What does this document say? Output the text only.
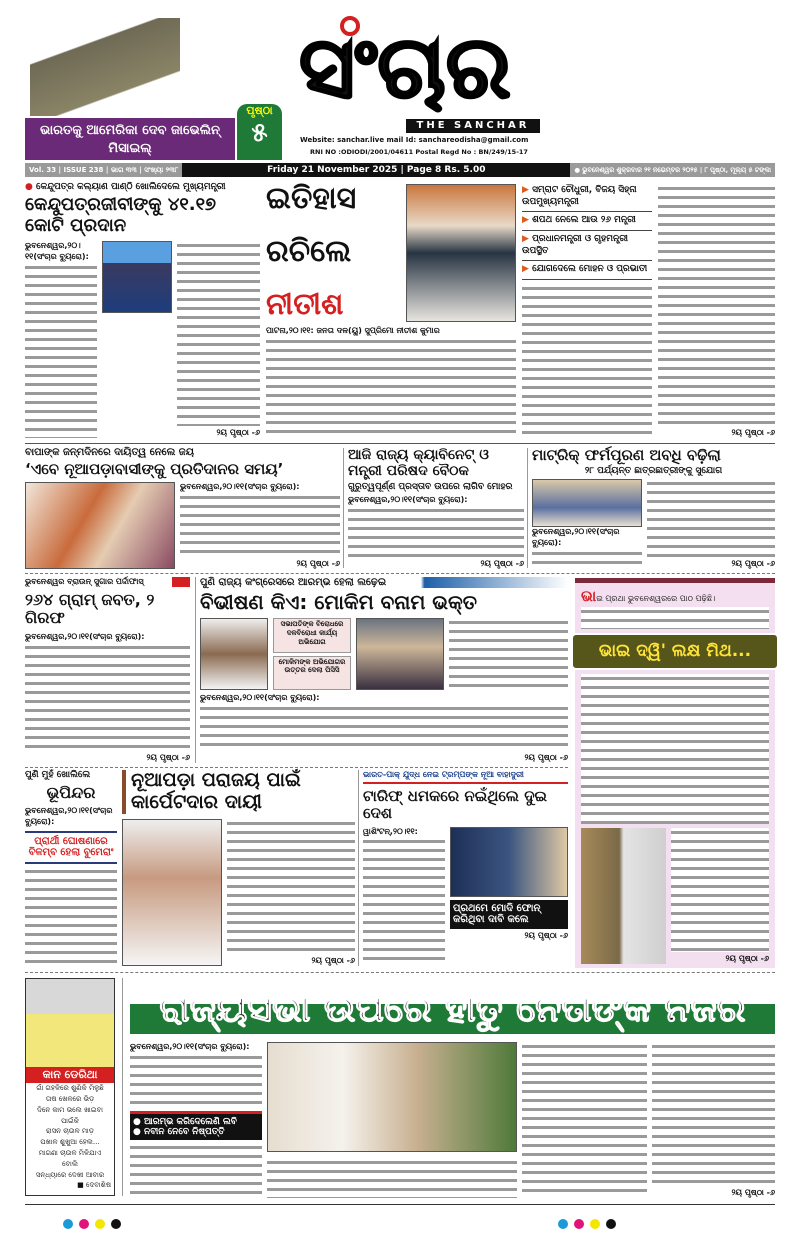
ଭାରତକୁ ଆମେରିକା ଦେବ ଜାଭେଲିନ୍ ମିସାଇଲ୍
ପୃଷ୍ଠା
୫
ସଂଚାର
THE SANCHAR
Website: sanchar.live mail Id: sanchareodisha@gmail.com
RNI NO :ODIODI/2001/04611 Postal Regd No : BN/249/15-17
Vol. 33 | ISSUE 238 | ଭାଗ ୩୩ | ସଂଖ୍ୟା ୨୩୮	Friday 21 November 2025 | Page 8 Rs. 5.00	● ଭୁବନେଶ୍ୱର ଶୁକ୍ରବାର ୨୧ ନଭେମ୍ବର ୨୦୨୫ | ୮ ପୃଷ୍ଠା, ମୂଲ୍ୟ ୫ ଟଙ୍କା
● କେନ୍ଦୁପତ୍ର କଲ୍ୟାଣ ପାଣ୍ଠି ଖୋଲିଦେଲେ ମୁଖ୍ୟମନ୍ତ୍ରୀ
କେନ୍ଦୁପତ୍ରଜୀବୀଙ୍କୁ ୪୧.୧୭ କୋଟି ପ୍ରଦାନ
ଭୁବନେଶ୍ୱର,୨୦।୧୧(ସଂଚାର ବ୍ୟୁରୋ):
୨ୟ ପୃଷ୍ଠା -୬
ଇତିହାସ
ରଚିଲେ
ନୀତୀଶ
ପାଟନା,୨୦।୧୧: ଜନତା ଦଳ(ୟୁ) ସୁପ୍ରିମୋ ନୀତୀଶ କୁମାର
▶ ସମ୍ରାଟ ଚୌଧୁରୀ, ବିଜୟ ସିହ୍ନା ଉପମୁଖ୍ୟମନ୍ତ୍ରୀ
▶ ଶପଥ ନେଲେ ଆଉ ୨୬ ମନ୍ତ୍ରୀ
▶ ପ୍ରଧାନମନ୍ତ୍ରୀ ଓ ଗୃହମନ୍ତ୍ରୀ ଉପସ୍ଥିତ
▶ ଯୋଗଦେଲେ ମୋହନ ଓ ପ୍ରଭାତୀ
୨ୟ ପୃଷ୍ଠା -୬
ବାପାଙ୍କ ଜନ୍ମଦିନରେ ଦାୟିତ୍ୱ ନେଲେ ଜୟ
‘ଏବେ ନୂଆପଡ଼ାବାସୀଙ୍କୁ ପ୍ରତିଦାନର ସମୟ’
ଭୁବନେଶ୍ୱର,୨୦।୧୧(ସଂଚାର ବ୍ୟୁରୋ):
୨ୟ ପୃଷ୍ଠା -୬
ଆଜି ରାଜ୍ୟ କ୍ୟାବିନେଟ୍ ଓ ମନ୍ତ୍ରୀ ପରିଷଦ ବୈଠକ
ଗୁରୁତ୍ୱପୂର୍ଣ୍ଣ ପ୍ରସ୍ତାବ ଉପରେ ଲାଗିବ ମୋହର
ଭୁବନେଶ୍ୱର,୨୦।୧୧(ସଂଚାର ବ୍ୟୁରୋ):
୨ୟ ପୃଷ୍ଠା -୬
ମାଟ୍ରିକ୍ ଫର୍ମପୂରଣ ଅବଧି ବଢ଼ିଲା
୨୮ ପର୍ଯ୍ୟନ୍ତ ଛାତ୍ରଛାତ୍ରୀଙ୍କୁ ସୁଯୋଗ
ଭୁବନେଶ୍ୱର,୨୦।୧୧(ସଂଚାର ବ୍ୟୁରୋ):
୨ୟ ପୃଷ୍ଠା -୬
ଭୁବନେଶ୍ୱର ବ୍ରାଉନ୍ ସୁଗାର ପର୍ଦ୍ଦାଫାସ୍
୨୬୪ ଗ୍ରାମ୍ ଜବତ, ୨ ଗିରଫ
ଭୁବନେଶ୍ୱର,୨୦।୧୧(ସଂଚାର ବ୍ୟୁରୋ):
୨ୟ ପୃଷ୍ଠା -୬
ପୁଣି ରାଜ୍ୟ କଂଗ୍ରେସରେ ଆରମ୍ଭ ହେଲା ଲଢ଼େଇ
ବିଭୀଷଣ କିଏ: ମୋକିମ ବନାମ ଭକ୍ତ
ସଭାପତିଙ୍କ ବିରୋଧରେ ଦଳବିରୋଧୀ କାର୍ଯ୍ୟ ଅଭିଯୋଗ
ମୋକିମଙ୍କ ଅଭିଯୋଗର ଉତ୍ତର ଦେଲା ପିସିସି
ଭୁବନେଶ୍ୱର,୨୦।୧୧(ସଂଚାର ବ୍ୟୁରୋ):
୨ୟ ପୃଷ୍ଠା -୬
ଭାଇ ପ୍ରଥା ଭୁବନେଶ୍ୱରରେ ପାଠ ପଢ଼ିଛି।
ଭାଇ ଦ୍ୱି' ଲକ୍ଷ ମିଥ...
୨ୟ ପୃଷ୍ଠା -୬
ପୁଣି ମୁହଁ ଖୋଲିଲେ
ଭୂପିନ୍ଦର
ଭୁବନେଶ୍ୱର,୨୦।୧୧(ସଂଚାର ବ୍ୟୁରୋ):
ପ୍ରାର୍ଥୀ ଘୋଷଣାରେ ବିଳମ୍ବ ହେଲା ବୁମେରାଂ
ନୂଆପଡ଼ା ପରାଜୟ ପାଇଁ କାର୍ପେଟଦାର ଦାୟୀ
୨ୟ ପୃଷ୍ଠା -୬
ଭାରତ-ପାକ୍ ଯୁଦ୍ଧ ନେଇ ଟ୍ରମ୍ପଙ୍କ ନୂଆ ବାହାଦୁରୀ
ଟାରିଫ୍ ଧମକରେ ନଇଁଥିଲେ ଦୁଇ ଦେଶ
ୱାଶିଂଟନ୍,୨୦।୧୧:
ପ୍ରଥମେ ମୋଦି ଫୋନ୍ କରିଥିବା ଦାବି କଲେ
୨ୟ ପୃଷ୍ଠା -୬
କାନ ଡେରିଥା
ଗାଁ ଗହଳିରେ ଶୁଣିକି ମିଳୁଛି
ତାଷ ଖେଳରେ ଭିଡ଼
ଦିନେ କାମ ଭଲେ ଖାଇବା
ପାଇଁକି
ରାସନ ଚାଉଳ ମାଡ଼
ପଖାଳ ଶୁଖୁଆ ହେଲ...
ମାଗଣା ଚାଉଳ ମିଳିଯାଏ
ବୋଲି
ସନ୍ଧ୍ୟାରେ ଦେଖୀ ଆବାର
■ ଦେବାଶିଷ
ରାଜ୍ୟସଭା ଉପରେ ହାତୁ ନେତାଙ୍କ ନଜର
ଭୁବନେଶ୍ୱର,୨୦।୧୧(ସଂଚାର ବ୍ୟୁରୋ):
● ଆରମ୍ଭ କରିଦେଲେଣି ଲବି
● ନବୀନ ନେବେ ନିଷ୍ପତ୍ତି
୨ୟ ପୃଷ୍ଠା -୬
